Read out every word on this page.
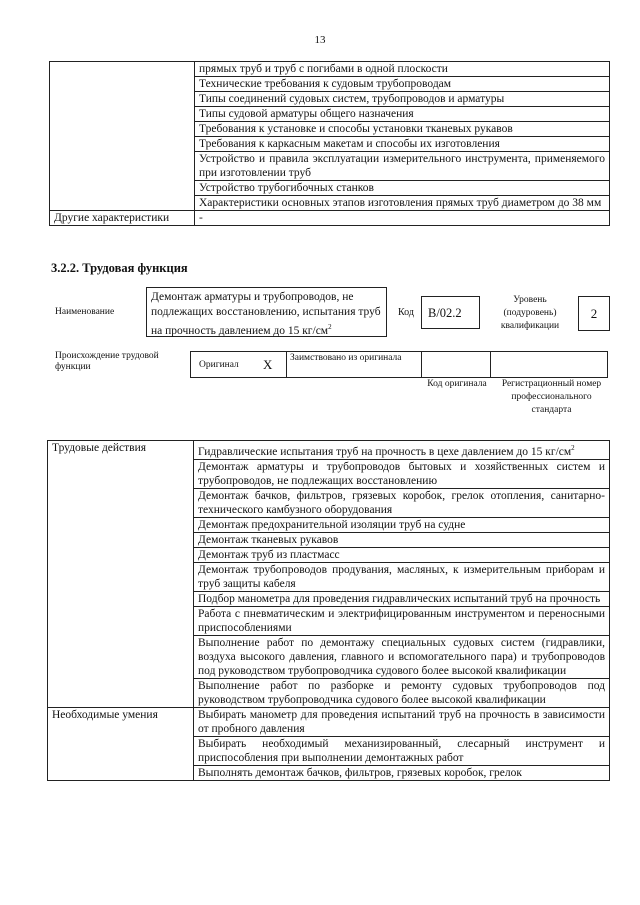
13
	прямых труб и труб с погибами в одной плоскости
	Технические требования к судовым трубопроводам
	Типы соединений судовых систем, трубопроводов и арматуры
	Типы судовой арматуры общего назначения
	Требования к установке и способы установки тканевых рукавов
	Требования к каркасным макетам и способы их изготовления
	Устройство и правила эксплуатации измерительного инструмента, применяемого при изготовлении труб
	Устройство трубогибочных станков
	Характеристики основных этапов изготовления прямых труб диаметром до 38 мм
Другие характеристики	-
3.2.2. Трудовая функция
Наименование
Демонтаж арматуры и трубопроводов, не подлежащих восстановлению, испытания труб на прочность давлением до 15 $кг/см^2$
Код	B/02.2
Уровень (подуровень) квалификации
2
Происхождение трудовой функции	Оригинал	X	Заимствовано из оригинала		
Код оригинала	Регистрационный номер профессионального стандарта
Трудовые действия	Гидравлические испытания труб на прочность в цехе давлением до 15 $кг/см^2$
	Демонтаж арматуры и трубопроводов бытовых и хозяйственных систем и трубопроводов, не подлежащих восстановлению
	Демонтаж бачков, фильтров, грязевых коробок, грелок отопления, санитарно-технического камбузного оборудования
	Демонтаж предохранительной изоляции труб на судне
	Демонтаж тканевых рукавов
	Демонтаж труб из пластмасс
	Демонтаж трубопроводов продувания, масляных, к измерительным приборам и труб защиты кабеля
	Подбор манометра для проведения гидравлических испытаний труб на прочность
	Работа с пневматическим и электрифицированным инструментом и переносными приспособлениями
	Выполнение работ по демонтажу специальных судовых систем (гидравлики, воздуха высокого давления, главного и вспомогательного пара) и трубопроводов под руководством трубопроводчика судового более высокой квалификации
	Выполнение работ по разборке и ремонту судовых трубопроводов под руководством трубопроводчика судового более высокой квалификации
Необходимые умения	Выбирать манометр для проведения испытаний труб на прочность в зависимости от пробного давления
	Выбирать необходимый механизированный, слесарный инструмент и приспособления при выполнении демонтажных работ
	Выполнять демонтаж бачков, фильтров, грязевых коробок, грелок
